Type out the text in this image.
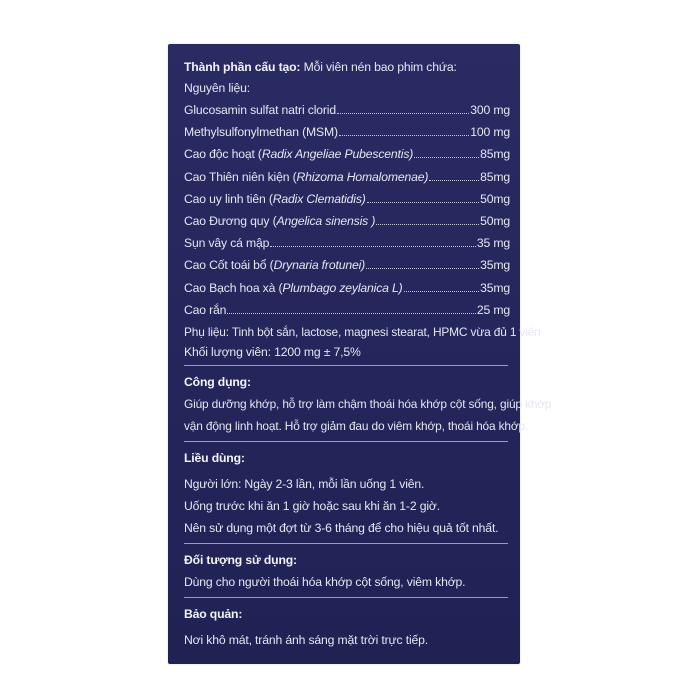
Thành phần cấu tạo: Mỗi viên nén bao phim chứa:
Nguyên liệu:
Glucosamin sulfat natri clorid	300 mg
Methylsulfonylmethan (MSM)	100 mg
Cao độc hoạt (Radix Angeliae Pubescentis)	85mg
Cao Thiên niên kiện (Rhizoma Homalomenae)	85mg
Cao uy linh tiên (Radix Clematidis)	50mg
Cao Đương quy (Angelica sinensis )	50mg
Sụn vây cá mập	35 mg
Cao Cốt toái bổ (Drynaria frotunei)	35mg
Cao Bạch hoa xà (Plumbago zeylanica L)	35mg
Cao rắn	25 mg
Phụ liệu: Tinh bột sắn, lactose, magnesi stearat, HPMC vừa đủ 1 viên
Khối lượng viên: 1200 mg ± 7,5%
Công dụng:
Giúp dưỡng khớp, hỗ trợ làm chậm thoái hóa khớp cột sống, giúp khớp
vận động linh hoạt. Hỗ trợ giảm đau do viêm khớp, thoái hóa khớp.
Liều dùng:
Người lớn: Ngày 2-3 lần, mỗi lần uống 1 viên.
Uống trước khi ăn 1 giờ hoặc sau khi ăn 1-2 giờ.
Nên sử dụng một đợt từ 3-6 tháng để cho hiệu quả tốt nhất.
Đối tượng sử dụng:
Dùng cho người thoái hóa khớp cột sống, viêm khớp.
Bảo quản:
Nơi khô mát, tránh ánh sáng mặt trời trực tiếp.
